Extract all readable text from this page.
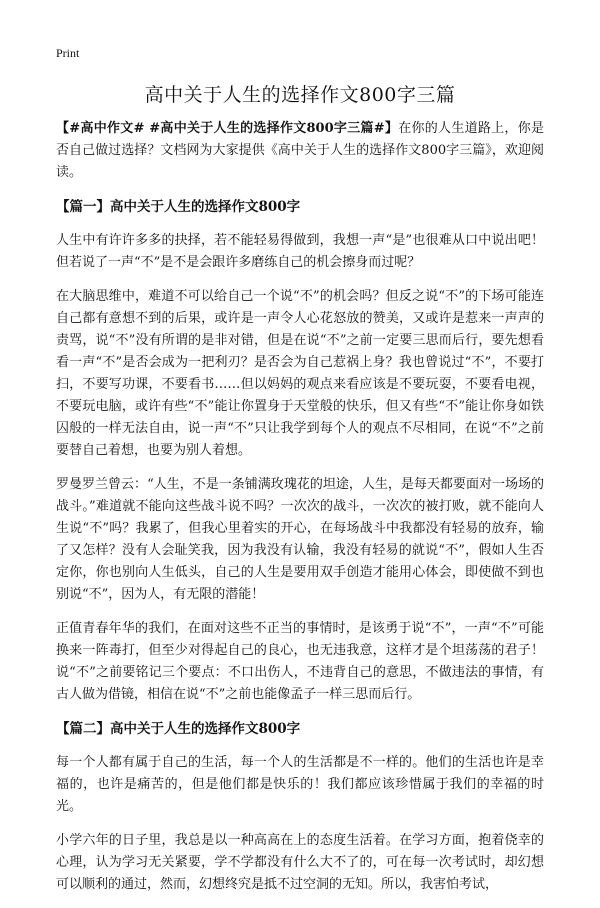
Print
高中关于人生的选择作文800字三篇

【#高中作文# #高中关于人生的选择作文800字三篇#】在你的人生道路上，你是否自己做过选择？文档网为大家提供《高中关于人生的选择作文800字三篇》，欢迎阅读。

【篇一】高中关于人生的选择作文800字

人生中有许许多多的抉择，若不能轻易得做到，我想一声“是”也很难从口中说出吧！但若说了一声“不”是不是会跟许多磨练自己的机会擦身而过呢？

在大脑思维中，难道不可以给自己一个说“不”的机会吗？但反之说“不”的下场可能连自己都有意想不到的后果，或许是一声令人心花怒放的赞美，又或许是惹来一声声的责骂，说“不”没有所谓的是非对错，但是在说“不”之前一定要三思而后行，要先想看看一声“不”是否会成为一把利刃？是否会为自己惹祸上身？我也曾说过“不”，不要打扫，不要写功课，不要看书……但以妈妈的观点来看应该是不要玩耍，不要看电视，不要玩电脑，或许有些“不”能让你置身于天堂般的快乐，但又有些“不”能让你身如铁囚般的一样无法自由，说一声“不”只让我学到每个人的观点不尽相同，在说“不”之前要替自己着想，也要为别人着想。

罗曼罗兰曾云：“人生，不是一条铺满玫瑰花的坦途，人生，是每天都要面对一场场的战斗。”难道就不能向这些战斗说不吗？一次次的战斗，一次次的被打败，就不能向人生说“不”吗？我累了，但我心里着实的开心，在每场战斗中我都没有轻易的放弃，输了又怎样？没有人会耻笑我，因为我没有认输，我没有轻易的就说“不”，假如人生否定你，你也别向人生低头，自己的人生是要用双手创造才能用心体会，即使做不到也别说“不”，因为人，有无限的潜能！

正值青春年华的我们，在面对这些不正当的事情时，是该勇于说“不”，一声“不”可能换来一阵毒打，但至少对得起自己的良心，也无违我意，这样才是个坦荡荡的君子！说“不”之前要铭记三个要点：不口出伤人，不违背自己的意思，不做违法的事情，有古人做为借镜，相信在说“不”之前也能像孟子一样三思而后行。

【篇二】高中关于人生的选择作文800字

每一个人都有属于自己的生活，每一个人的生活都是不一样的。他们的生活也许是幸福的，也许是痛苦的，但是他们都是快乐的！我们都应该珍惜属于我们的幸福的时光。

小学六年的日子里，我总是以一种高高在上的态度生活着。在学习方面，抱着侥幸的心理，认为学习无关紧要，学不学都没有什么大不了的，可在每一次考试时，却幻想可以顺利的通过，然而，幻想终究是抵不过空洞的无知。所以，我害怕考试，
